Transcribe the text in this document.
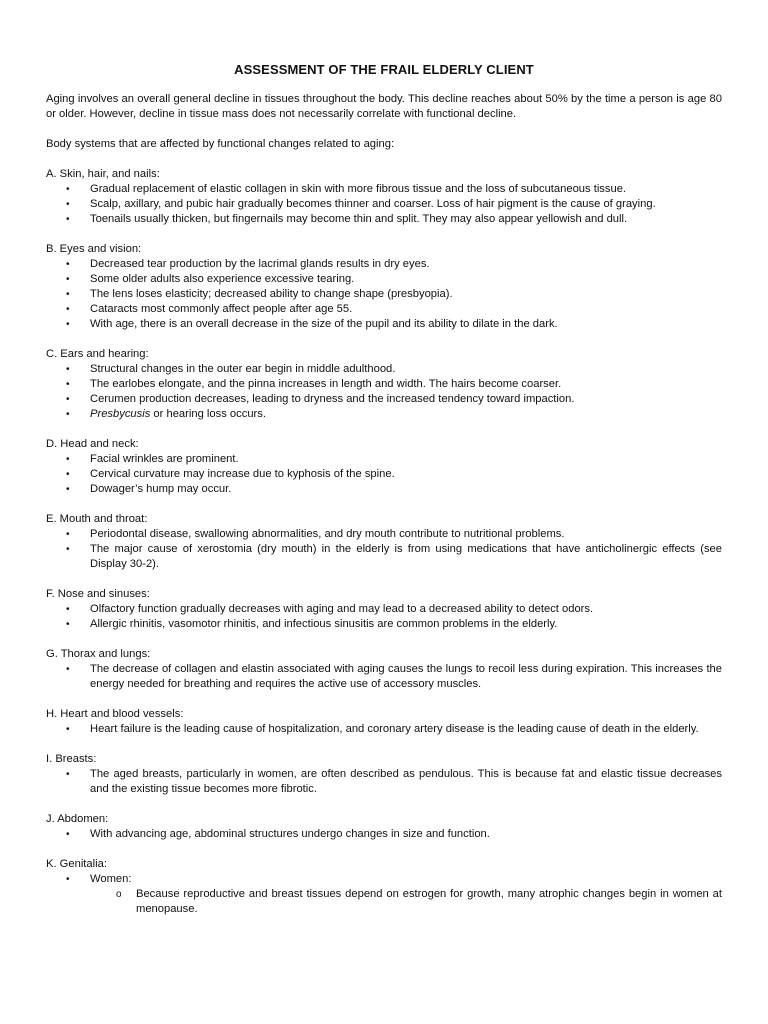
ASSESSMENT OF THE FRAIL ELDERLY CLIENT

Aging involves an overall general decline in tissues throughout the body. This decline reaches about 50% by the time a person is age 80 or older. However, decline in tissue mass does not necessarily correlate with functional decline.

Body systems that are affected by functional changes related to aging:

A. Skin, hair, and nails:
• Gradual replacement of elastic collagen in skin with more fibrous tissue and the loss of subcutaneous tissue.
• Scalp, axillary, and pubic hair gradually becomes thinner and coarser. Loss of hair pigment is the cause of graying.
• Toenails usually thicken, but fingernails may become thin and split. They may also appear yellowish and dull.
B. Eyes and vision:
• Decreased tear production by the lacrimal glands results in dry eyes.
• Some older adults also experience excessive tearing.
• The lens loses elasticity; decreased ability to change shape (presbyopia).
• Cataracts most commonly affect people after age 55.
• With age, there is an overall decrease in the size of the pupil and its ability to dilate in the dark.
C. Ears and hearing:
• Structural changes in the outer ear begin in middle adulthood.
• The earlobes elongate, and the pinna increases in length and width. The hairs become coarser.
• Cerumen production decreases, leading to dryness and the increased tendency toward impaction.
• Presbycusis or hearing loss occurs.
D. Head and neck:
• Facial wrinkles are prominent.
• Cervical curvature may increase due to kyphosis of the spine.
• Dowager’s hump may occur.
E. Mouth and throat:
• Periodontal disease, swallowing abnormalities, and dry mouth contribute to nutritional problems.
• The major cause of xerostomia (dry mouth) in the elderly is from using medications that have anticholinergic effects (see Display 30-2).
F. Nose and sinuses:
• Olfactory function gradually decreases with aging and may lead to a decreased ability to detect odors.
• Allergic rhinitis, vasomotor rhinitis, and infectious sinusitis are common problems in the elderly.
G. Thorax and lungs:
• The decrease of collagen and elastin associated with aging causes the lungs to recoil less during expiration. This increases the energy needed for breathing and requires the active use of accessory muscles.
H. Heart and blood vessels:
• Heart failure is the leading cause of hospitalization, and coronary artery disease is the leading cause of death in the elderly.
I. Breasts:
• The aged breasts, particularly in women, are often described as pendulous. This is because fat and elastic tissue decreases and the existing tissue becomes more fibrotic.
J. Abdomen:
• With advancing age, abdominal structures undergo changes in size and function.
K. Genitalia:
• Women:
o Because reproductive and breast tissues depend on estrogen for growth, many atrophic changes begin in women at menopause.
